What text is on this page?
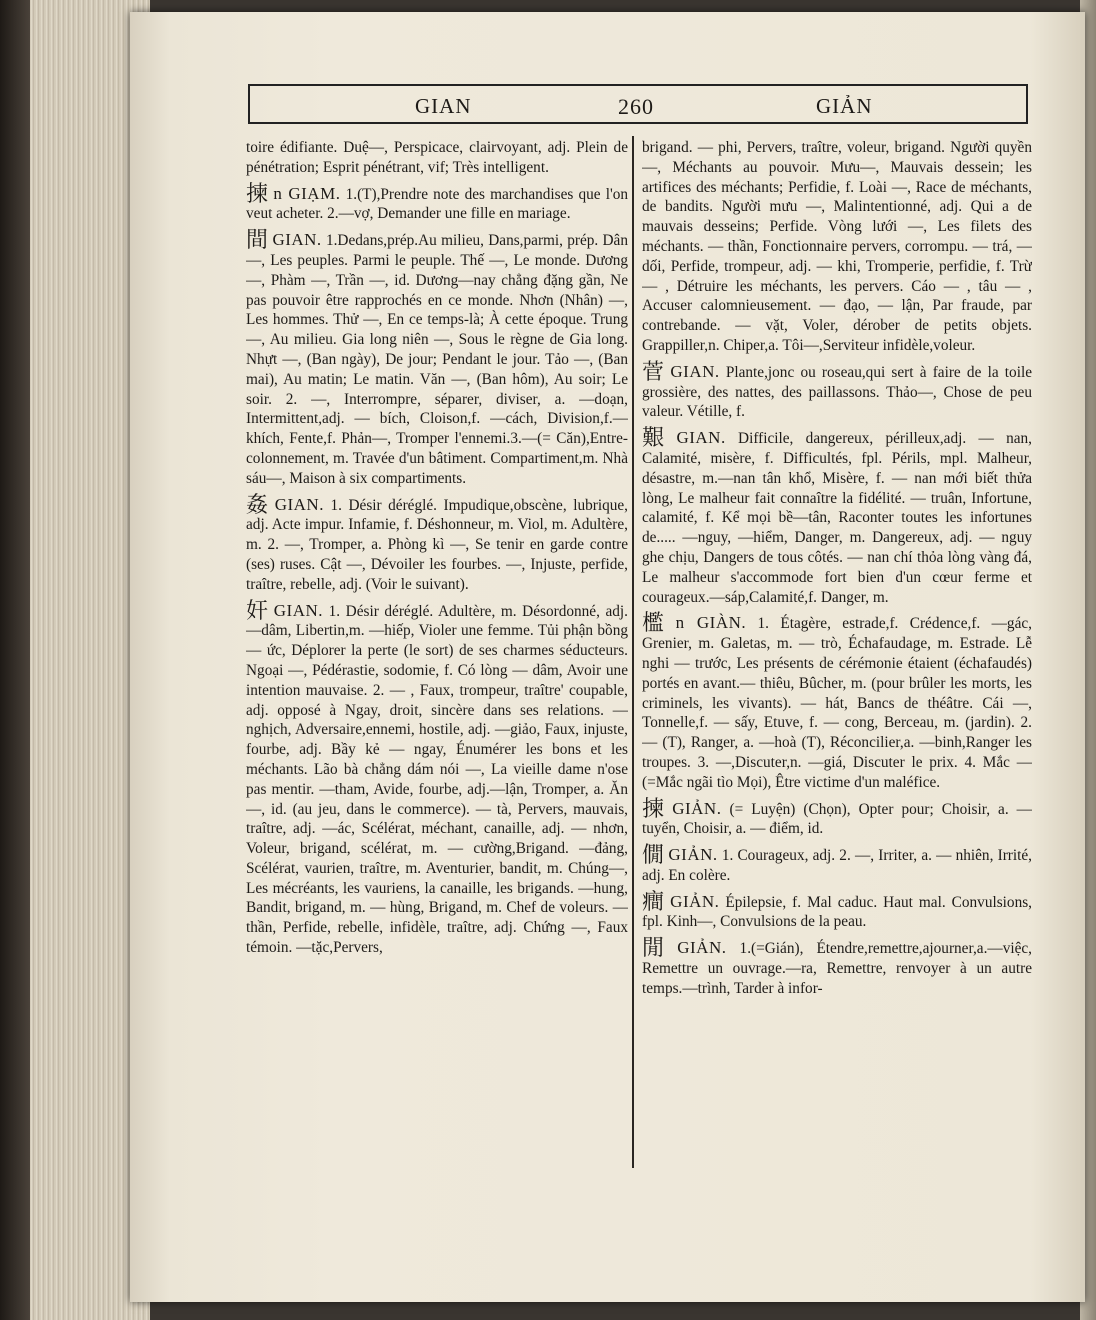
GIAN	260	GIẢN

toire édifiante. Duệ—, Perspicace, clairvoyant, adj. Plein de pénétration; Esprit pénétrant, vif; Très intelligent.

揀 n GIẠM. 1.(T),Prendre note des marchandises que l'on veut acheter. 2.—vợ, Demander une fille en mariage.

間 GIAN. 1.Dedans,prép.Au milieu, Dans,parmi, prép. Dân—, Les peuples. Parmi le peuple. Thế —, Le monde. Dương —, Phàm —, Trần —, id. Dương—nay chẳng đặng gần, Ne pas pouvoir être rapprochés en ce monde. Nhơn (Nhân) —, Les hommes. Thử —, En ce temps-là; À cette époque. Trung —, Au milieu. Gia long niên —, Sous le règne de Gia long. Nhựt —, (Ban ngày), De jour; Pendant le jour. Tảo —, (Ban mai), Au matin; Le matin. Văn —, (Ban hôm), Au soir; Le soir. 2. —, Interrompre, séparer, diviser, a. —doạn, Intermittent,adj. — bích, Cloison,f. —cách, Division,f.—khích, Fente,f. Phản—, Tromper l'ennemi.3.—(= Căn),Entre-colonnement, m. Travée d'un bâtiment. Compartiment,m. Nhà sáu—, Maison à six compartiments.

姦 GIAN. 1. Désir déréglé. Impudique,obscène, lubrique, adj. Acte impur. Infamie, f. Déshonneur, m. Viol, m. Adultère, m. 2. —, Tromper, a. Phòng kì —, Se tenir en garde contre (ses) ruses. Cật —, Dévoiler les fourbes. —, Injuste, perfide, traître, rebelle, adj. (Voir le suivant).

奸 GIAN. 1. Désir déréglé. Adultère, m. Désordonné, adj. —dâm, Libertin,m. —hiếp, Violer une femme. Tủi phận bồng — ức, Déplorer la perte (le sort) de ses charmes séducteurs. Ngoại —, Pédérastie, sodomie, f. Có lòng — dâm, Avoir une intention mauvaise. 2. — , Faux, trompeur, traître' coupable, adj. opposé à Ngay, droit, sincère dans ses relations. — nghịch, Adversaire,ennemi, hostile, adj. —giảo, Faux, injuste, fourbe, adj. Bầy kẻ — ngay, Énumérer les bons et les méchants. Lão bà chẳng dám nói —, La vieille dame n'ose pas mentir. —tham, Avide, fourbe, adj.—lận, Tromper, a. Ăn—, id. (au jeu, dans le commerce). — tà, Pervers, mauvais, traître, adj. —ác, Scélérat, méchant, canaille, adj. — nhơn, Voleur, brigand, scélérat, m. — cường,Brigand. —đảng, Scélérat, vaurien, traître, m. Aventurier, bandit, m. Chúng—, Les mécréants, les vauriens, la canaille, les brigands. —hung, Bandit, brigand, m. — hùng, Brigand, m. Chef de voleurs. — thần, Perfide, rebelle, infidèle, traître, adj. Chứng —, Faux témoin. —tặc,Pervers,

brigand. — phi, Pervers, traître, voleur, brigand. Người quyền —, Méchants au pouvoir. Mưu—, Mauvais dessein; les artifices des méchants; Perfidie, f. Loài —, Race de méchants, de bandits. Người mưu —, Malintentionné, adj. Qui a de mauvais desseins; Perfide. Vòng lưới —, Les filets des méchants. — thần, Fonctionnaire pervers, corrompu. — trá, — dối, Perfide, trompeur, adj. — khi, Tromperie, perfidie, f. Trừ — , Détruire les méchants, les pervers. Cáo — , tâu — , Accuser calomnieusement. — đạo, — lận, Par fraude, par contrebande. — vặt, Voler, dérober de petits objets. Grappiller,n. Chiper,a. Tôi—,Serviteur infidèle,voleur.

菅 GIAN. Plante,jonc ou roseau,qui sert à faire de la toile grossière, des nattes, des paillassons. Thảo—, Chose de peu valeur. Vétille, f.

艱 GIAN. Difficile, dangereux, périlleux,adj. — nan, Calamité, misère, f. Difficultés, fpl. Périls, mpl. Malheur, désastre, m.—nan tân khổ, Misère, f. — nan mới biết thửa lòng, Le malheur fait connaître la fidélité. — truân, Infortune, calamité, f. Kể mọi bề—tân, Raconter toutes les infortunes de..... —nguy, —hiểm, Danger, m. Dangereux, adj. — nguy ghe chịu, Dangers de tous côtés. — nan chí thỏa lòng vàng đá, Le malheur s'accommode fort bien d'un cœur ferme et courageux.—sáp,Calamité,f. Danger, m.

檻 n GIÀN. 1. Étagère, estrade,f. Crédence,f. —gác, Grenier, m. Galetas, m. — trò, Échafaudage, m. Estrade. Lễ nghi — trước, Les présents de cérémonie étaient (échafaudés) portés en avant.— thiêu, Bûcher, m. (pour brûler les morts, les criminels, les vivants). — hát, Bancs de théâtre. Cái —, Tonnelle,f. — sấy, Etuve, f. — cong, Berceau, m. (jardin). 2. — (T), Ranger, a. —hoà (T), Réconcilier,a. —binh,Ranger les troupes. 3. —,Discuter,n. —giá, Discuter le prix. 4. Mắc — (=Mắc ngãi tìo Mọi), Être victime d'un maléfice.

揀 GIẢN. (= Luyện) (Chọn), Opter pour; Choisir, a. — tuyển, Choisir, a. — điểm, id.

僩 GIẢN. 1. Courageux, adj. 2. —, Irriter, a. — nhiên, Irrité, adj. En colère.

癎 GIẢN. Épilepsie, f. Mal caduc. Haut mal. Convulsions, fpl. Kinh—, Convulsions de la peau.

閒 GIẢN. 1.(=Gián), Étendre,remettre,ajourner,a.—việc, Remettre un ouvrage.—ra, Remettre, renvoyer à un autre temps.—trình, Tarder à infor-
